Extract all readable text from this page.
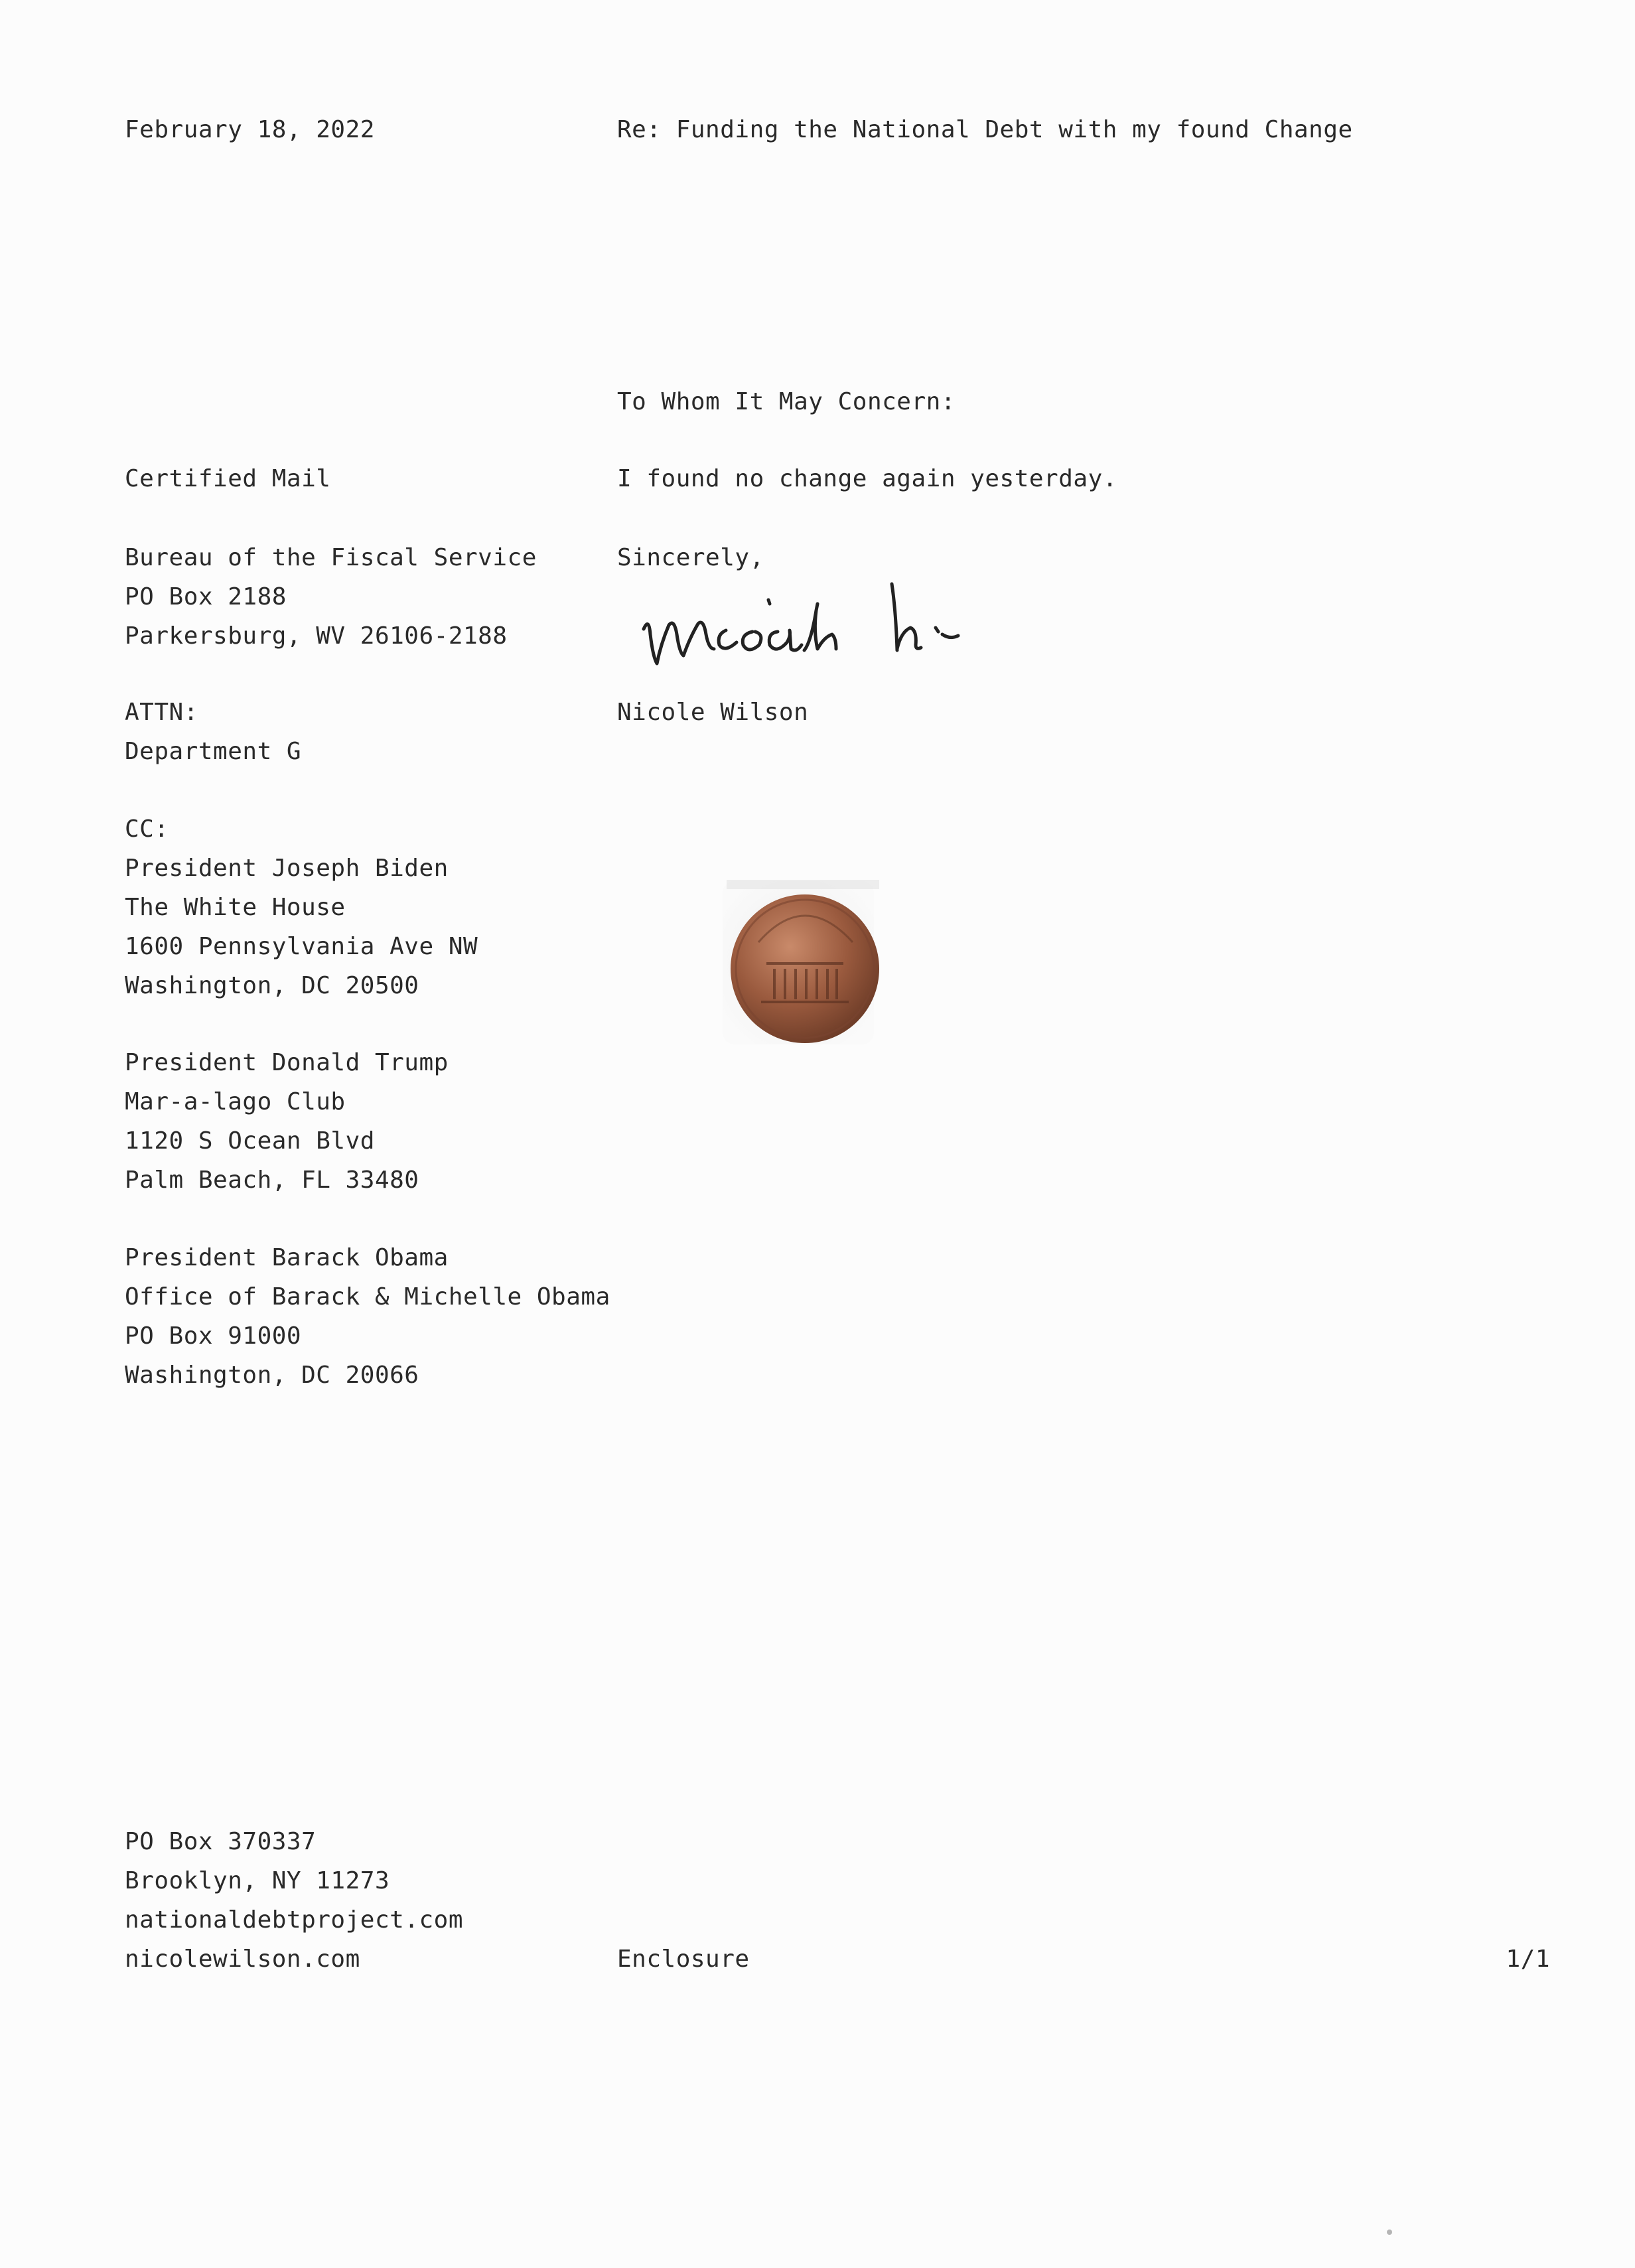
February 18, 2022	Re: Funding the National Debt with my found Change

To Whom It May Concern:

I found no change again yesterday.

Sincerely,

Nicole Wilson

Certified Mail

Bureau of the Fiscal Service
PO Box 2188
Parkersburg, WV 26106-2188
ATTN:
Department G
CC:
President Joseph Biden
The White House
1600 Pennsylvania Ave NW
Washington, DC 20500
President Donald Trump
Mar-a-lago Club
1120 S Ocean Blvd
Palm Beach, FL 33480
President Barack Obama
Office of Barack & Michelle Obama
PO Box 91000
Washington, DC 20066
PO Box 370337
Brooklyn, NY 11273
nationaldebtproject.com
nicolewilson.com	Enclosure	1/1
